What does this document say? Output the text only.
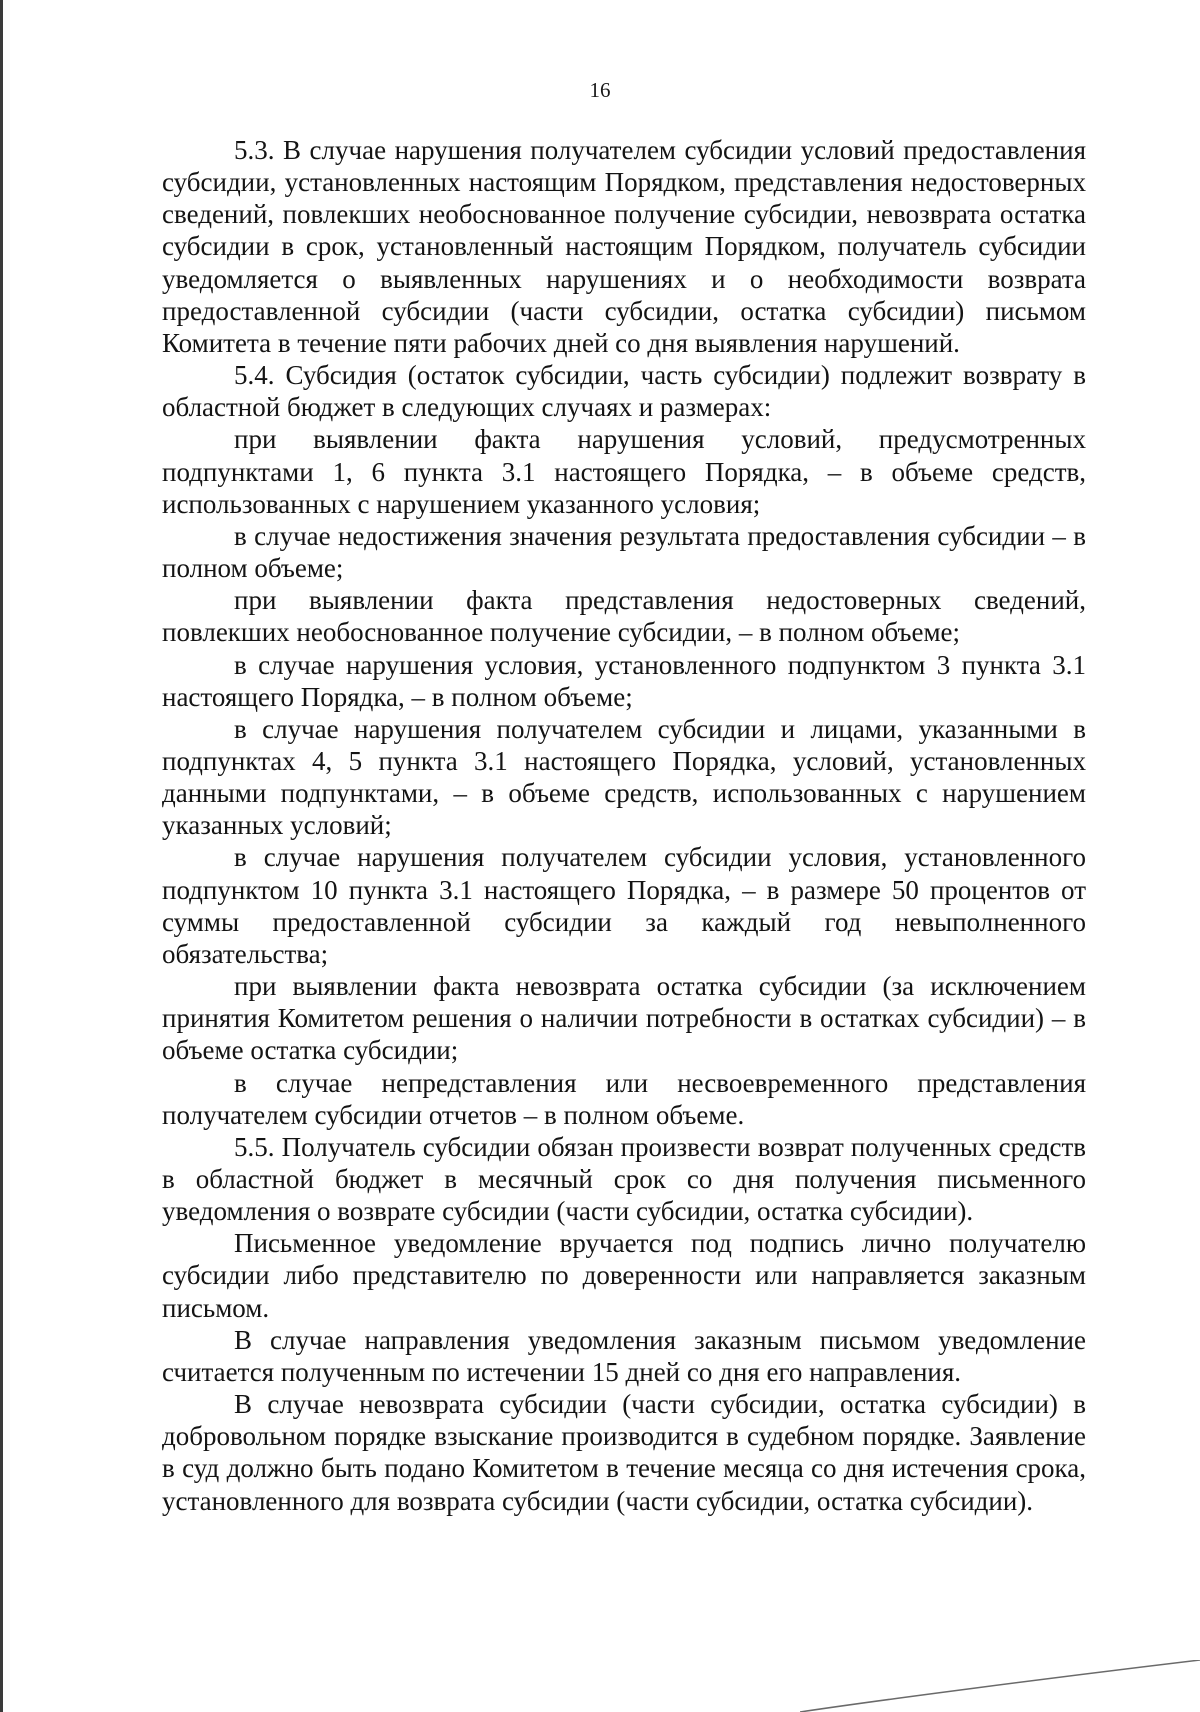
16

5.3. В случае нарушения получателем субсидии условий предоставления субсидии, установленных настоящим Порядком, представления недостоверных сведений, повлекших необоснованное получение субсидии, невозврата остатка субсидии в срок, установленный настоящим Порядком, получатель субсидии уведомляется о выявленных нарушениях и о необходимости возврата предоставленной субсидии (части субсидии, остатка субсидии) письмом Комитета в течение пяти рабочих дней со дня выявления нарушений.

5.4. Субсидия (остаток субсидии, часть субсидии) подлежит возврату в областной бюджет в следующих случаях и размерах:

при выявлении факта нарушения условий, предусмотренных подпунктами 1, 6 пункта 3.1 настоящего Порядка, – в объеме средств, использованных с нарушением указанного условия;

в случае недостижения значения результата предоставления субсидии – в полном объеме;

при выявлении факта представления недостоверных сведений, повлекших необоснованное получение субсидии, – в полном объеме;

в случае нарушения условия, установленного подпунктом 3 пункта 3.1 настоящего Порядка, – в полном объеме;

в случае нарушения получателем субсидии и лицами, указанными в подпунктах 4, 5 пункта 3.1 настоящего Порядка, условий, установленных данными подпунктами, – в объеме средств, использованных с нарушением указанных условий;

в случае нарушения получателем субсидии условия, установленного подпунктом 10 пункта 3.1 настоящего Порядка, – в размере 50 процентов от суммы предоставленной субсидии за каждый год невыполненного обязательства;

при выявлении факта невозврата остатка субсидии (за исключением принятия Комитетом решения о наличии потребности в остатках субсидии) – в объеме остатка субсидии;

в случае непредставления или несвоевременного представления получателем субсидии отчетов – в полном объеме.

5.5. Получатель субсидии обязан произвести возврат полученных средств в областной бюджет в месячный срок со дня получения письменного уведомления о возврате субсидии (части субсидии, остатка субсидии).

Письменное уведомление вручается под подпись лично получателю субсидии либо представителю по доверенности или направляется заказным письмом.

В случае направления уведомления заказным письмом уведомление считается полученным по истечении 15 дней со дня его направления.

В случае невозврата субсидии (части субсидии, остатка субсидии) в добровольном порядке взыскание производится в судебном порядке. Заявление в суд должно быть подано Комитетом в течение месяца со дня истечения срока, установленного для возврата субсидии (части субсидии, остатка субсидии).
